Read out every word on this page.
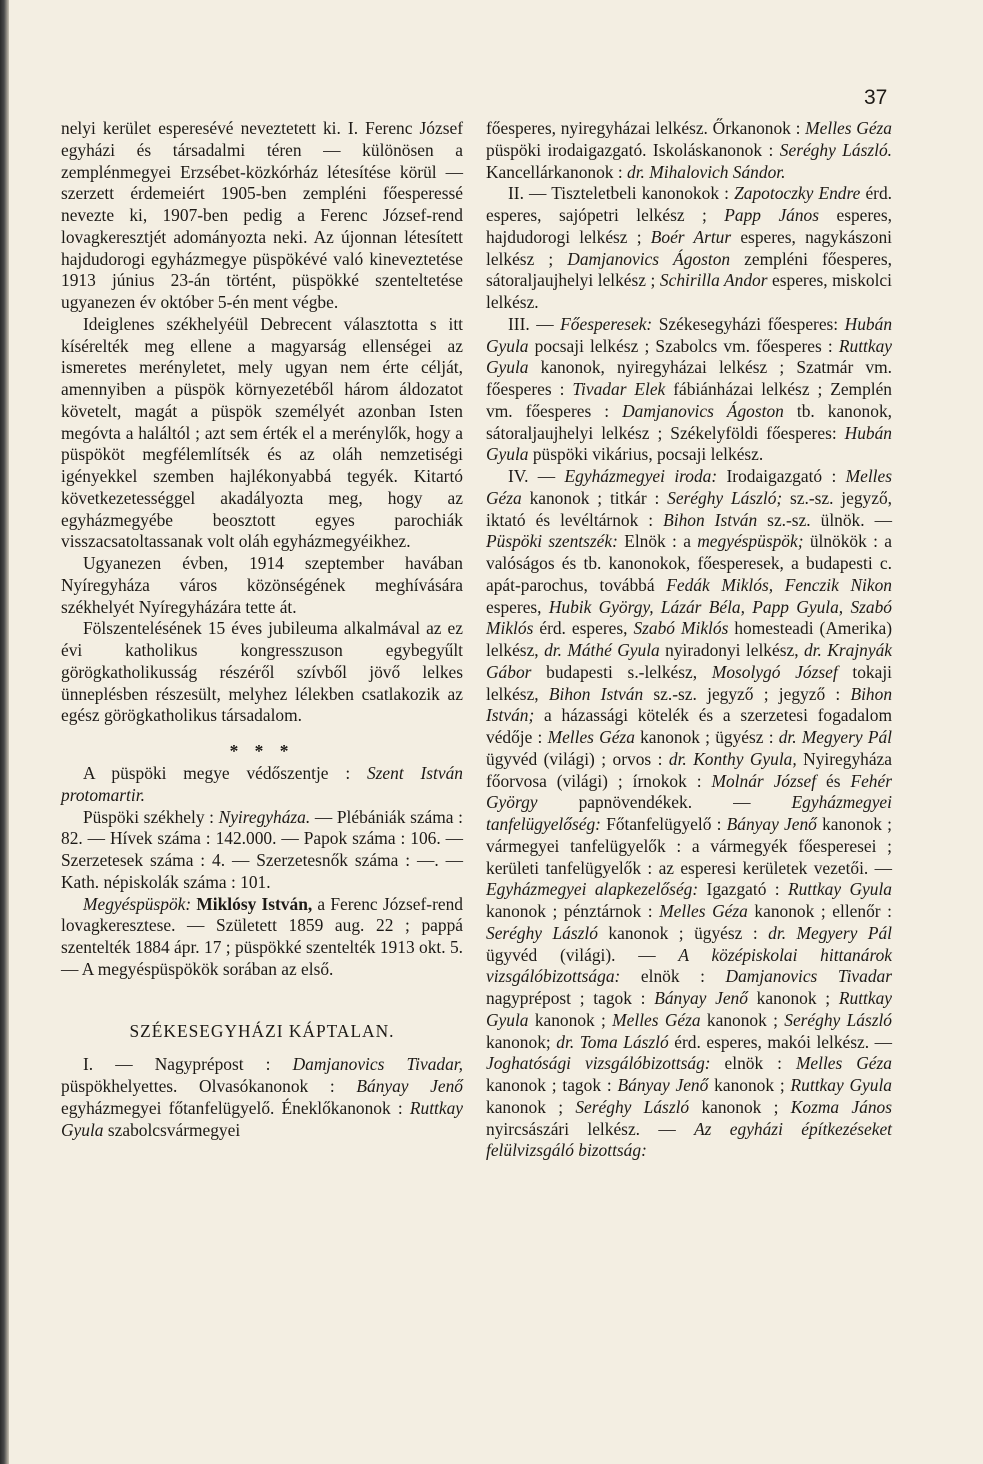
37

nelyi kerület esperesévé neveztetett ki. I. Ferenc József egyházi és társadalmi téren — különösen a zemplénmegyei Erzsébet-közkórház létesítése körül — szerzett érdemeiért 1905-ben zempléni főesperessé nevezte ki, 1907-ben pedig a Ferenc József-rend lovagkeresztjét adományozta neki. Az újonnan létesített hajdudorogi egyházmegye püspökévé való kineveztetése 1913 június 23-án történt, püspökké szenteltetése ugyanezen év október 5-én ment végbe.

Ideiglenes székhelyéül Debrecent választotta s itt kísérelték meg ellene a magyarság ellenségei az ismeretes merényletet, mely ugyan nem érte célját, amennyiben a püspök környezetéből három áldozatot követelt, magát a püspök személyét azonban Isten megóvta a haláltól ; azt sem érték el a merénylők, hogy a püspököt megfélemlítsék és az oláh nemzetiségi igényekkel szemben hajlékonyabbá tegyék. Kitartó következetességgel akadályozta meg, hogy az egyházmegyébe beosztott egyes parochiák visszacsatoltassanak volt oláh egyházmegyéikhez.

Ugyanezen évben, 1914 szeptember havában Nyíregyháza város közönségének meghívására székhelyét Nyíregyházára tette át.

Fölszentelésének 15 éves jubileuma alkalmával az ez évi katholikus kongresszuson egybegyűlt görögkatholikusság részéről szívből jövő lelkes ünneplésben részesült, melyhez lélekben csatlakozik az egész görögkatholikus társadalom.

* * *

A püspöki megye védőszentje : Szent István protomartir.

Püspöki székhely : Nyiregyháza. — Plébániák száma : 82. — Hívek száma : 142.000. — Papok száma : 106. — Szerzetesek száma : 4. — Szerzetesnők száma : —. — Kath. népiskolák száma : 101.

Megyéspüspök: Miklósy István, a Ferenc József-rend lovagkeresztese. — Született 1859 aug. 22 ; pappá szentelték 1884 ápr. 17 ; püspökké szentelték 1913 okt. 5. — A megyéspüspökök sorában az első.

SZÉKESEGYHÁZI KÁPTALAN.

I. — Nagyprépost : Damjanovics Tivadar, püspökhelyettes. Olvasókanonok : Bányay Jenő egyházmegyei főtanfelügyelő. Éneklőkanonok : Ruttkay Gyula szabolcsvármegyei

főesperes, nyiregyházai lelkész. Őrkanonok : Melles Géza püspöki irodaigazgató. Iskoláskanonok : Seréghy László. Kancellárkanonok : dr. Mihalovich Sándor.

II. — Tiszteletbeli kanonokok : Zapotoczky Endre érd. esperes, sajópetri lelkész ; Papp János esperes, hajdudorogi lelkész ; Boér Artur esperes, nagykászoni lelkész ; Damjanovics Ágoston zempléni főesperes, sátoraljaujhelyi lelkész ; Schirilla Andor esperes, miskolci lelkész.

III. — Főesperesek: Székesegyházi főesperes: Hubán Gyula pocsaji lelkész ; Szabolcs vm. főesperes : Ruttkay Gyula kanonok, nyiregyházai lelkész ; Szatmár vm. főesperes : Tivadar Elek fábiánházai lelkész ; Zemplén vm. főesperes : Damjanovics Ágoston tb. kanonok, sátoraljaujhelyi lelkész ; Székelyföldi főesperes: Hubán Gyula püspöki vikárius, pocsaji lelkész.

IV. — Egyházmegyei iroda: Irodaigazgató : Melles Géza kanonok ; titkár : Seréghy László; sz.-sz. jegyző, iktató és levéltárnok : Bihon István sz.-sz. ülnök. — Püspöki szentszék: Elnök : a megyéspüspök; ülnökök : a valóságos és tb. kanonokok, főesperesek, a budapesti c. apát-parochus, továbbá Fedák Miklós, Fenczik Nikon esperes, Hubik György, Lázár Béla, Papp Gyula, Szabó Miklós érd. esperes, Szabó Miklós homesteadi (Amerika) lelkész, dr. Máthé Gyula nyiradonyi lelkész, dr. Krajnyák Gábor budapesti s.-lelkész, Mosolygó József tokaji lelkész, Bihon István sz.-sz. jegyző ; jegyző : Bihon István; a házassági kötelék és a szerzetesi fogadalom védője : Melles Géza kanonok ; ügyész : dr. Megyery Pál ügyvéd (világi) ; orvos : dr. Konthy Gyula, Nyiregyháza főorvosa (világi) ; írnokok : Molnár József és Fehér György papnövendékek. — Egyházmegyei tanfelügyelőség: Főtanfelügyelő : Bányay Jenő kanonok ; vármegyei tanfelügyelők : a vármegyék főesperesei ; kerületi tanfelügyelők : az esperesi kerületek vezetői. — Egyházmegyei alapkezelőség: Igazgató : Ruttkay Gyula kanonok ; pénztárnok : Melles Géza kanonok ; ellenőr : Seréghy László kanonok ; ügyész : dr. Megyery Pál ügyvéd (világi). — A középiskolai hittanárok vizsgálóbizottsága: elnök : Damjanovics Tivadar nagyprépost ; tagok : Bányay Jenő kanonok ; Ruttkay Gyula kanonok ; Melles Géza kanonok ; Seréghy László kanonok; dr. Toma László érd. esperes, makói lelkész. — Joghatósági vizsgálóbizottság: elnök : Melles Géza kanonok ; tagok : Bányay Jenő kanonok ; Ruttkay Gyula kanonok ; Seréghy László kanonok ; Kozma János nyircsászári lelkész. — Az egyházi építkezéseket felülvizsgáló bizottság:
